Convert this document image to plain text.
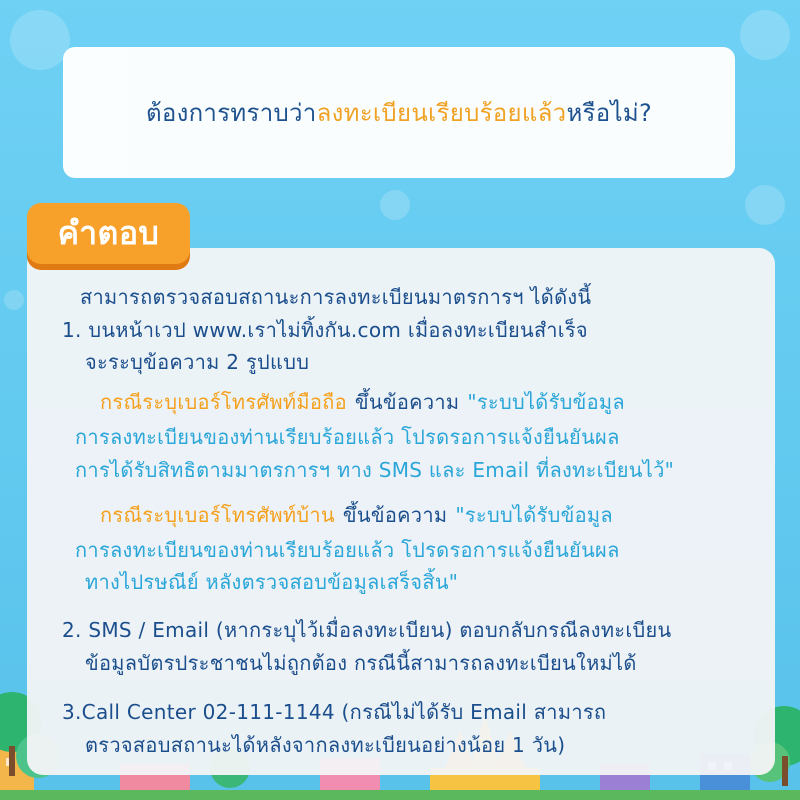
ต้องการทราบว่าลงทะเบียนเรียบร้อยแล้วหรือไม่?

สามารถตรวจสอบสถานะการลงทะเบียนมาตรการฯ ได้ดังนี้
1. บนหน้าเวป www.เราไม่ทิ้งกัน.com เมื่อลงทะเบียนสำเร็จ
จะระบุข้อความ 2 รูปแบบ
กรณีระบุเบอร์โทรศัพท์มือถือ ขึ้นข้อความ "ระบบได้รับข้อมูล
การลงทะเบียนของท่านเรียบร้อยแล้ว โปรดรอการแจ้งยืนยันผล
การได้รับสิทธิตามมาตรการฯ ทาง SMS และ Email ที่ลงทะเบียนไว้"
กรณีระบุเบอร์โทรศัพท์บ้าน ขึ้นข้อความ "ระบบได้รับข้อมูล
การลงทะเบียนของท่านเรียบร้อยแล้ว โปรดรอการแจ้งยืนยันผล
ทางไปรษณีย์ หลังตรวจสอบข้อมูลเสร็จสิ้น"
2. SMS / Email (หากระบุไว้เมื่อลงทะเบียน) ตอบกลับกรณีลงทะเบียน
ข้อมูลบัตรประชาชนไม่ถูกต้อง กรณีนี้สามารถลงทะเบียนใหม่ได้
3.Call Center 02-111-1144 (กรณีไม่ได้รับ Email สามารถ
ตรวจสอบสถานะได้หลังจากลงทะเบียนอย่างน้อย 1 วัน)
คำตอบ
